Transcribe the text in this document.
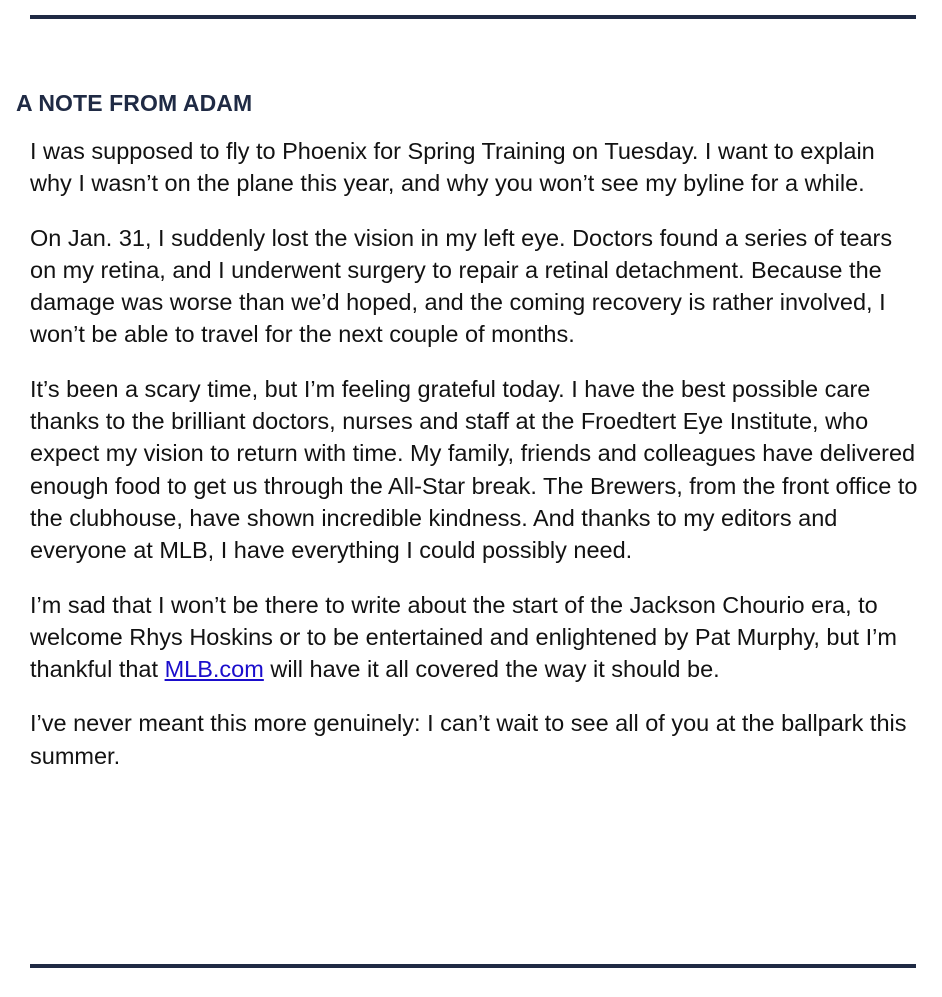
A NOTE FROM ADAM

I was supposed to fly to Phoenix for Spring Training on Tuesday. I want to explain why I wasn’t on the plane this year, and why you won’t see my byline for a while.

On Jan. 31, I suddenly lost the vision in my left eye. Doctors found a series of tears on my retina, and I underwent surgery to repair a retinal detachment. Because the damage was worse than we’d hoped, and the coming recovery is rather involved, I won’t be able to travel for the next couple of months.

It’s been a scary time, but I’m feeling grateful today. I have the best possible care thanks to the brilliant doctors, nurses and staff at the Froedtert Eye Institute, who expect my vision to return with time. My family, friends and colleagues have delivered enough food to get us through the All-Star break. The Brewers, from the front office to the clubhouse, have shown incredible kindness. And thanks to my editors and everyone at MLB, I have everything I could possibly need.

I’m sad that I won’t be there to write about the start of the Jackson Chourio era, to welcome Rhys Hoskins or to be entertained and enlightened by Pat Murphy, but I’m thankful that MLB.com will have it all covered the way it should be.

I’ve never meant this more genuinely: I can’t wait to see all of you at the ballpark this summer.
